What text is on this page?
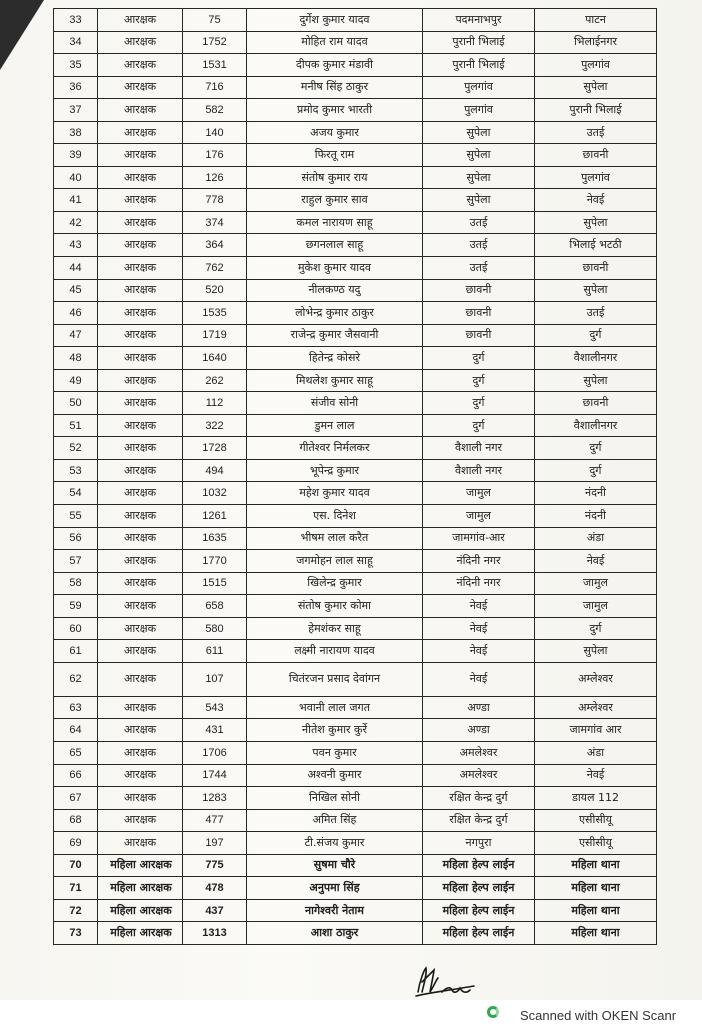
33	आरक्षक	75	दुर्गेश कुमार यादव	पदमनाभपुर	पाटन
34	आरक्षक	1752	मोहित राम यादव	पुरानी भिलाई	भिलाईनगर
35	आरक्षक	1531	दीपक कुमार मंडावी	पुरानी भिलाई	पुलगांव
36	आरक्षक	716	मनीष सिंह ठाकुर	पुलगांव	सुपेला
37	आरक्षक	582	प्रमोद कुमार भारती	पुलगांव	पुरानी भिलाई
38	आरक्षक	140	अजय कुमार	सुपेला	उतई
39	आरक्षक	176	फिरतू राम	सुपेला	छावनी
40	आरक्षक	126	संतोष कुमार राय	सुपेला	पुलगांव
41	आरक्षक	778	राहुल कुमार साव	सुपेला	नेवई
42	आरक्षक	374	कमल नारायण साहू	उतई	सुपेला
43	आरक्षक	364	छगनलाल साहू	उतई	भिलाई भटठी
44	आरक्षक	762	मुकेश कुमार यादव	उतई	छावनी
45	आरक्षक	520	नीलकण्ठ यदु	छावनी	सुपेला
46	आरक्षक	1535	लोभेन्द्र कुमार ठाकुर	छावनी	उतई
47	आरक्षक	1719	राजेन्द्र कुमार जैसवानी	छावनी	दुर्ग
48	आरक्षक	1640	हितेन्द्र कोसरे	दुर्ग	वैशालीनगर
49	आरक्षक	262	मिथलेश कुमार साहू	दुर्ग	सुपेला
50	आरक्षक	112	संजीव सोनी	दुर्ग	छावनी
51	आरक्षक	322	डुमन लाल	दुर्ग	वैशालीनगर
52	आरक्षक	1728	गीतेश्वर निर्मलकर	वैशाली नगर	दुर्ग
53	आरक्षक	494	भूपेन्द्र कुमार	वैशाली नगर	दुर्ग
54	आरक्षक	1032	महेश कुमार यादव	जामुल	नंदनी
55	आरक्षक	1261	एस. दिनेश	जामुल	नंदनी
56	आरक्षक	1635	भीषम लाल करैत	जामगांव-आर	अंडा
57	आरक्षक	1770	जगमोहन लाल साहू	नंदिनी नगर	नेवई
58	आरक्षक	1515	खिलेन्द्र कुमार	नंदिनी नगर	जामुल
59	आरक्षक	658	संतोष कुमार कोमा	नेवई	जामुल
60	आरक्षक	580	हेमशंकर साहू	नेवई	दुर्ग
61	आरक्षक	611	लक्ष्मी नारायण यादव	नेवई	सुपेला
62	आरक्षक	107	चितंरजन प्रसाद देवांगन	नेवई	अम्लेश्वर
63	आरक्षक	543	भवानी लाल जगत	अण्डा	अम्लेश्वर
64	आरक्षक	431	नीतेश कुमार कुर्रे	अण्डा	जामगांव आर
65	आरक्षक	1706	पवन कुमार	अमलेश्वर	अंडा
66	आरक्षक	1744	अश्वनी कुमार	अमलेश्वर	नेवई
67	आरक्षक	1283	निखिल सोनी	रक्षित केन्द्र दुर्ग	डायल 112
68	आरक्षक	477	अमित सिंह	रक्षित केन्द्र दुर्ग	एसीसीयू
69	आरक्षक	197	टी.संजय कुमार	नगपुरा	एसीसीयू
70	महिला आरक्षक	775	सुषमा चौरे	महिला हेल्प लाईन	महिला थाना
71	महिला आरक्षक	478	अनुपमा सिंह	महिला हेल्प लाईन	महिला थाना
72	महिला आरक्षक	437	नागेश्वरी नेताम	महिला हेल्प लाईन	महिला थाना
73	महिला आरक्षक	1313	आशा ठाकुर	महिला हेल्प लाईन	महिला थाना
Scanned with OKEN Scanr
